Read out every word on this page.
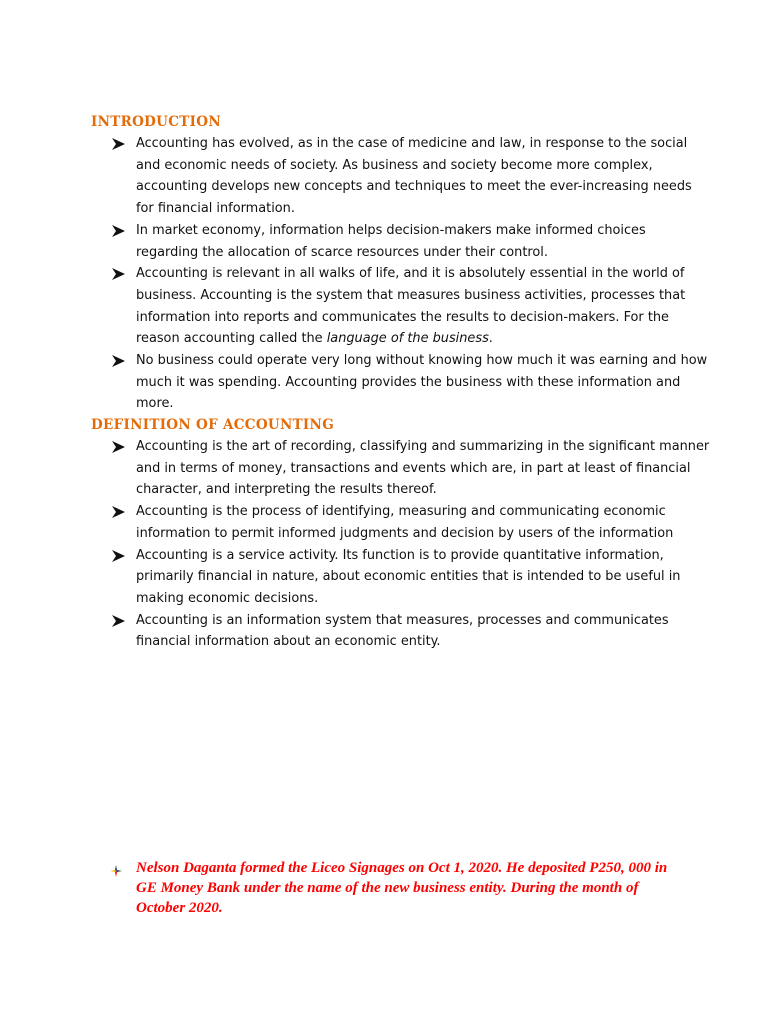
INTRODUCTION
Accounting has evolved, as in the case of medicine and law, in response to the social
and economic needs of society. As business and society become more complex,
accounting develops new concepts and techniques to meet the ever-increasing needs
for financial information.
In market economy, information helps decision-makers make informed choices
regarding the allocation of scarce resources under their control.
Accounting is relevant in all walks of life, and it is absolutely essential in the world of
business. Accounting is the system that measures business activities, processes that
information into reports and communicates the results to decision-makers. For the
reason accounting called the language of the business.
No business could operate very long without knowing how much it was earning and how
much it was spending. Accounting provides the business with these information and
more.
DEFINITION OF ACCOUNTING
Accounting is the art of recording, classifying and summarizing in the significant manner
and in terms of money, transactions and events which are, in part at least of financial
character, and interpreting the results thereof.
Accounting is the process of identifying, measuring and communicating economic
information to permit informed judgments and decision by users of the information
Accounting is a service activity. Its function is to provide quantitative information,
primarily financial in nature, about economic entities that is intended to be useful in
making economic decisions.
Accounting is an information system that measures, processes and communicates
financial information about an economic entity.
Nelson Daganta formed the Liceo Signages on Oct 1, 2020. He deposited P250, 000 in
GE Money Bank under the name of the new business entity. During the month of
October 2020.
